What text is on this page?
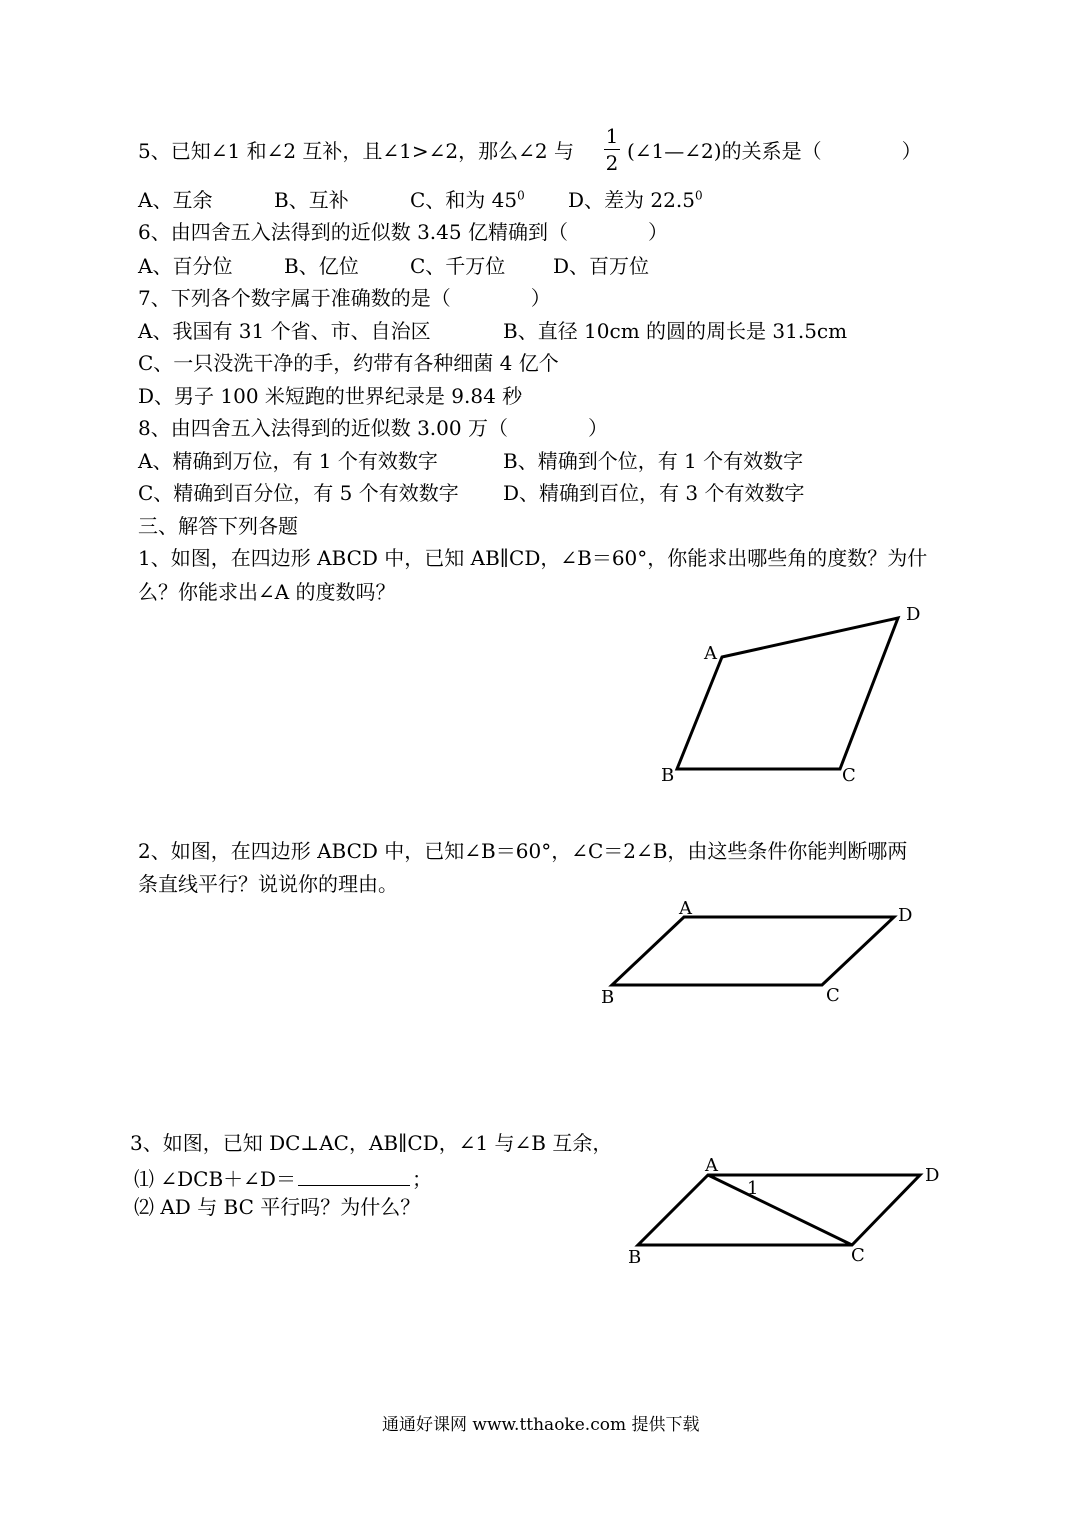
5、已知∠1 和∠2 互补，且∠1>∠2，那么∠2 与
1
2 (∠1—∠2)的关系是（　　　　）
A、互余	B、互补	C、和为 $45^0$ D、差为 22.5$^0$
6、由四舍五入法得到的近似数 3.45 亿精确到（　　　　）
A、百分位	B、亿位	C、千万位 D、百万位
7、下列各个数字属于准确数的是（　　　　）
A、我国有 31 个省、市、自治区	B、直径 10cm 的圆的周长是 31.5cm
C、一只没洗干净的手，约带有各种细菌 4 亿个
D、男子 100 米短跑的世界纪录是 9.84 秒
8、由四舍五入法得到的近似数 3.00 万（　　　　）
A、精确到万位，有 1 个有效数字	B、精确到个位，有 1 个有效数字
C、精确到百分位，有 5 个有效数字 D、精确到百位，有 3 个有效数字
三、解答下列各题
1、如图，在四边形 ABCD 中，已知 AB∥CD，∠B＝60°，你能求出哪些角的度数？为什
么？你能求出∠A 的度数吗？
A
B	C
D
A
B	C
D
A
B	C
D
1
2、如图，在四边形 ABCD 中，已知∠B＝60°，∠C＝2∠B，由这些条件你能判断哪两
条直线平行？说说你的理由。
3、如图，已知 DC⊥AC，AB∥CD，∠1 与∠B 互余，
⑴ ∠DCB＋∠D＝	；
⑵ AD 与 BC 平行吗？为什么？
通通好课网 www.tthaoke.com 提供下载
